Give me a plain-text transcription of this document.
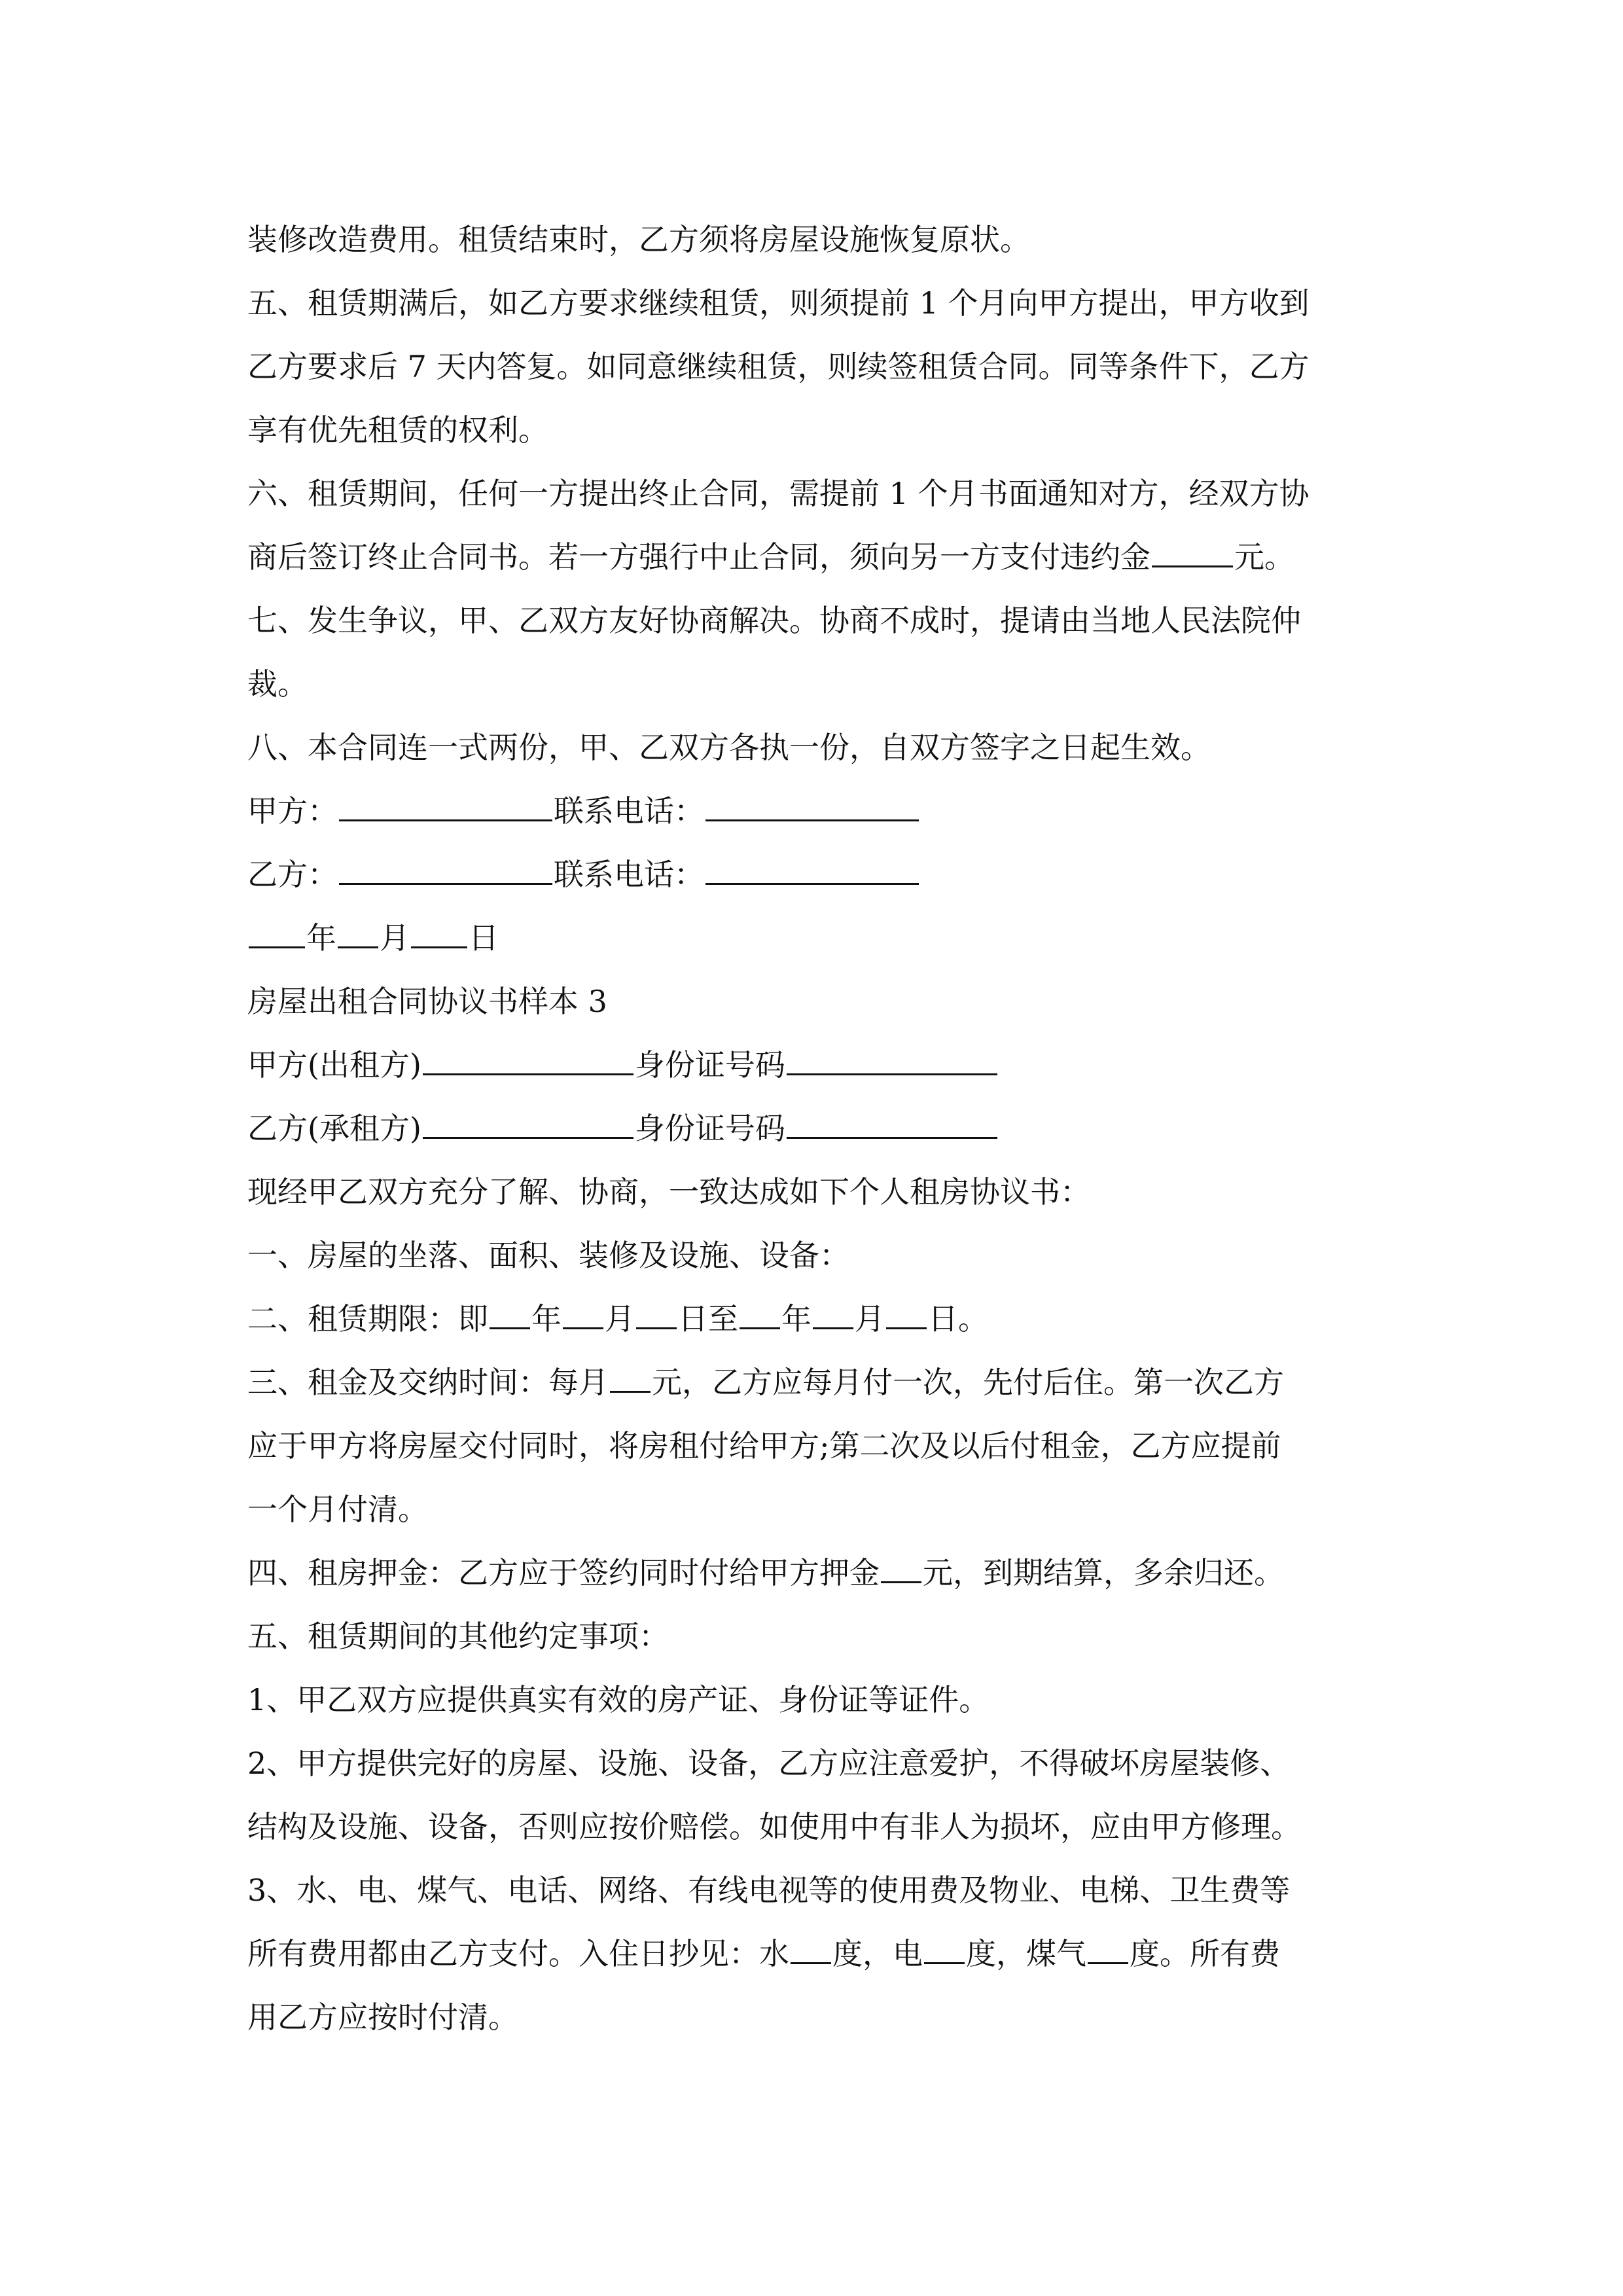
装修改造费用。租赁结束时，乙方须将房屋设施恢复原状。
五、租赁期满后，如乙方要求继续租赁，则须提前 1 个月向甲方提出，甲方收到
乙方要求后 7 天内答复。如同意继续租赁，则续签租赁合同。同等条件下，乙方
享有优先租赁的权利。
六、租赁期间，任何一方提出终止合同，需提前 1 个月书面通知对方，经双方协
商后签订终止合同书。若一方强行中止合同，须向另一方支付违约金	元。
七、发生争议，甲、乙双方友好协商解决。协商不成时，提请由当地人民法院仲
裁。
八、本合同连一式两份，甲、乙双方各执一份，自双方签字之日起生效。
甲方：	联系电话：
乙方：	联系电话：
年 月 日
房屋出租合同协议书样本 3
甲方(出租方)	身份证号码
乙方(承租方)	身份证号码
现经甲乙双方充分了解、协商，一致达成如下个人租房协议书：
一、房屋的坐落、面积、装修及设施、设备：
二、租赁期限：即 年 月 日至 年 月 日。
三、租金及交纳时间：每月 元，乙方应每月付一次，先付后住。第一次乙方
应于甲方将房屋交付同时，将房租付给甲方;第二次及以后付租金，乙方应提前
一个月付清。
四、租房押金：乙方应于签约同时付给甲方押金 元，到期结算，多余归还。
五、租赁期间的其他约定事项：
1、甲乙双方应提供真实有效的房产证、身份证等证件。
2、甲方提供完好的房屋、设施、设备，乙方应注意爱护，不得破坏房屋装修、
结构及设施、设备，否则应按价赔偿。如使用中有非人为损坏，应由甲方修理。
3、水、电、煤气、电话、网络、有线电视等的使用费及物业、电梯、卫生费等
所有费用都由乙方支付。入住日抄见：水 度，电 度，煤气 度。所有费
用乙方应按时付清。
